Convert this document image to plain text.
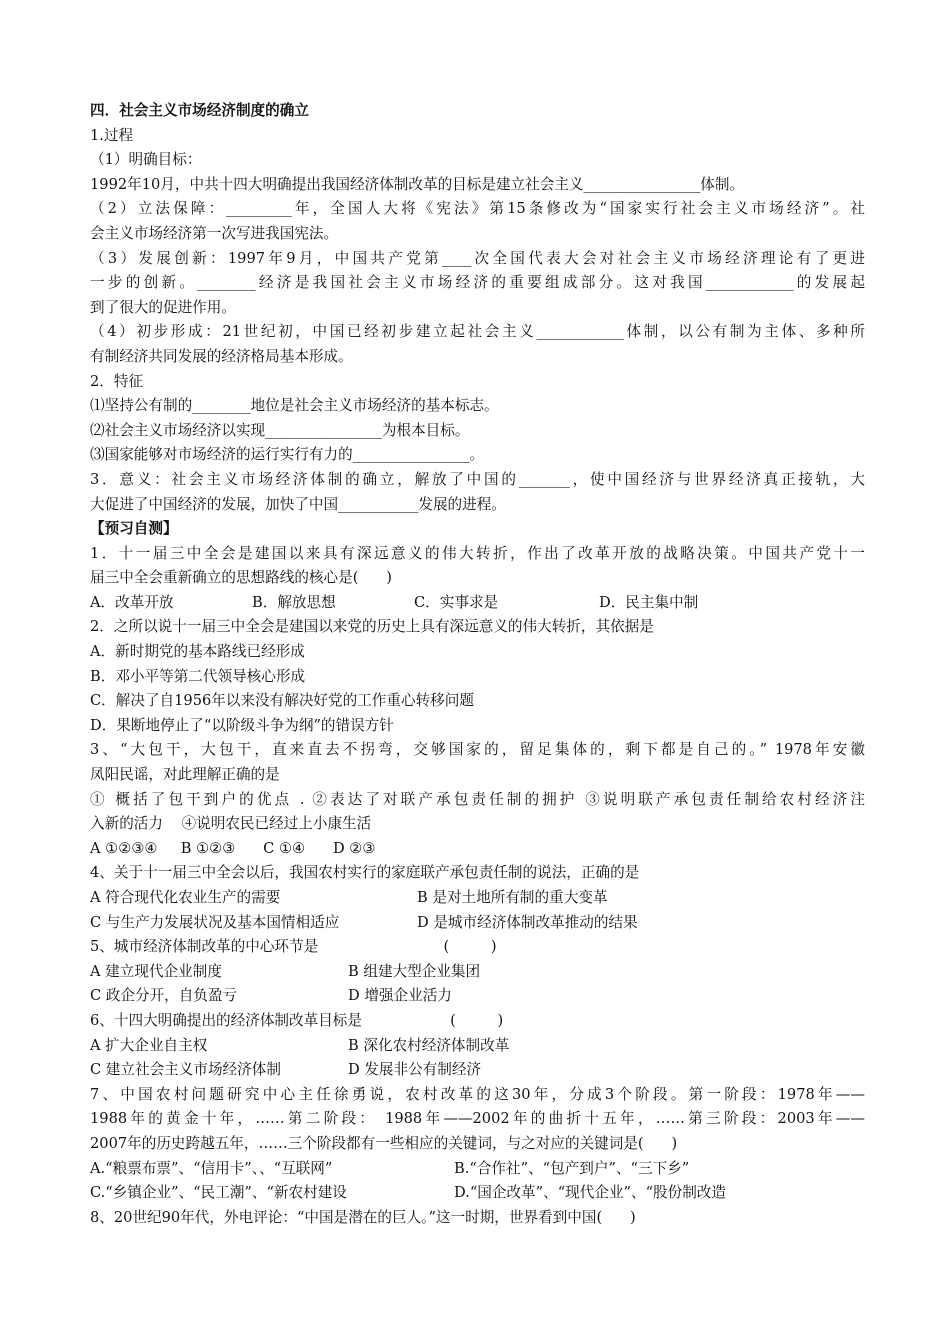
四．社会主义市场经济制度的确立

1.过程

（1）明确目标：

1992年10月，中共十四大明确提出我国经济体制改革的目标是建立社会主义________________体制。

（2）立法保障：_________年，全国人大将《宪法》第15条修改为“国家实行社会主义市场经济”。社

会主义市场经济第一次写进我国宪法。

（3）发展创新：1997年9月，中国共产党第____次全国代表大会对社会主义市场经济理论有了更进

一步的创新。________经济是我国社会主义市场经济的重要组成部分。这对我国____________的发展起

到了很大的促进作用。

（4）初步形成：21世纪初，中国已经初步建立起社会主义____________体制，以公有制为主体、多种所

有制经济共同发展的经济格局基本形成。

2．特征

⑴坚持公有制的________地位是社会主义市场经济的基本标志。

⑵社会主义市场经济以实现________________为根本目标。

⑶国家能够对市场经济的运行实行有力的________________。

3．意义：社会主义市场经济体制的确立，解放了中国的_______，使中国经济与世界经济真正接轨，大

大促进了中国经济的发展，加快了中国___________发展的进程。

【预习自测】

1．十一届三中全会是建国以来具有深远意义的伟大转折，作出了改革开放的战略决策。中国共产党十一

届三中全会重新确立的思想路线的核心是(      )

A．改革开放	B．解放思想	C．实事求是	D．民主集中制

2．之所以说十一届三中全会是建国以来党的历史上具有深远意义的伟大转折，其依据是

A．新时期党的基本路线已经形成

B．邓小平等第二代领导核心形成

C．解决了自1956年以来没有解决好党的工作重心转移问题

D．果断地停止了“以阶级斗争为纲”的错误方针

3、“大包干，大包干，直来直去不拐弯，交够国家的，留足集体的，剩下都是自己的。” 1978年安徽

凤阳民谣，对此理解正确的是

① 概括了包干到户的优点 . ②表达了对联产承包责任制的拥护 ③说明联产承包责任制给农村经济注

入新的活力    ④说明农民已经过上小康生活

A ①②③④     B ①②③      C ①④      D ②③

4、关于十一届三中全会以后，我国农村实行的家庭联产承包责任制的说法，正确的是

A 符合现代化农业生产的需要	B 是对土地所有制的重大变革
C 与生产力发展状况及基本国情相适应	D 是城市经济体制改革推动的结果

5、城市经济体制改革的中心环节是                           (         )

A 建立现代企业制度	B 组建大型企业集团
C 政企分开，自负盈亏	D 增强企业活力

6、十四大明确提出的经济体制改革目标是                   (         )

A 扩大企业自主权	B 深化农村经济体制改革
C 建立社会主义市场经济体制	D 发展非公有制经济

7、中国农村问题研究中心主任徐勇说，农村改革的这30年，分成3个阶段。第一阶段：1978年——

1988年的黄金十年，……第二阶段： 1988年——2002年的曲折十五年，……第三阶段：2003年——

2007年的历史跨越五年，……三个阶段都有一些相应的关键词，与之对应的关键词是(      )

A.“粮票布票”、“信用卡”、、“互联网”	B.“合作社”、“包产到户”、“三下乡”
C.“乡镇企业”、“民工潮”、“新农村建设	D.“国企改革”、“现代企业”、“股份制改造

8、20世纪90年代，外电评论：“中国是潜在的巨人。”这一时期，世界看到中国(      )
